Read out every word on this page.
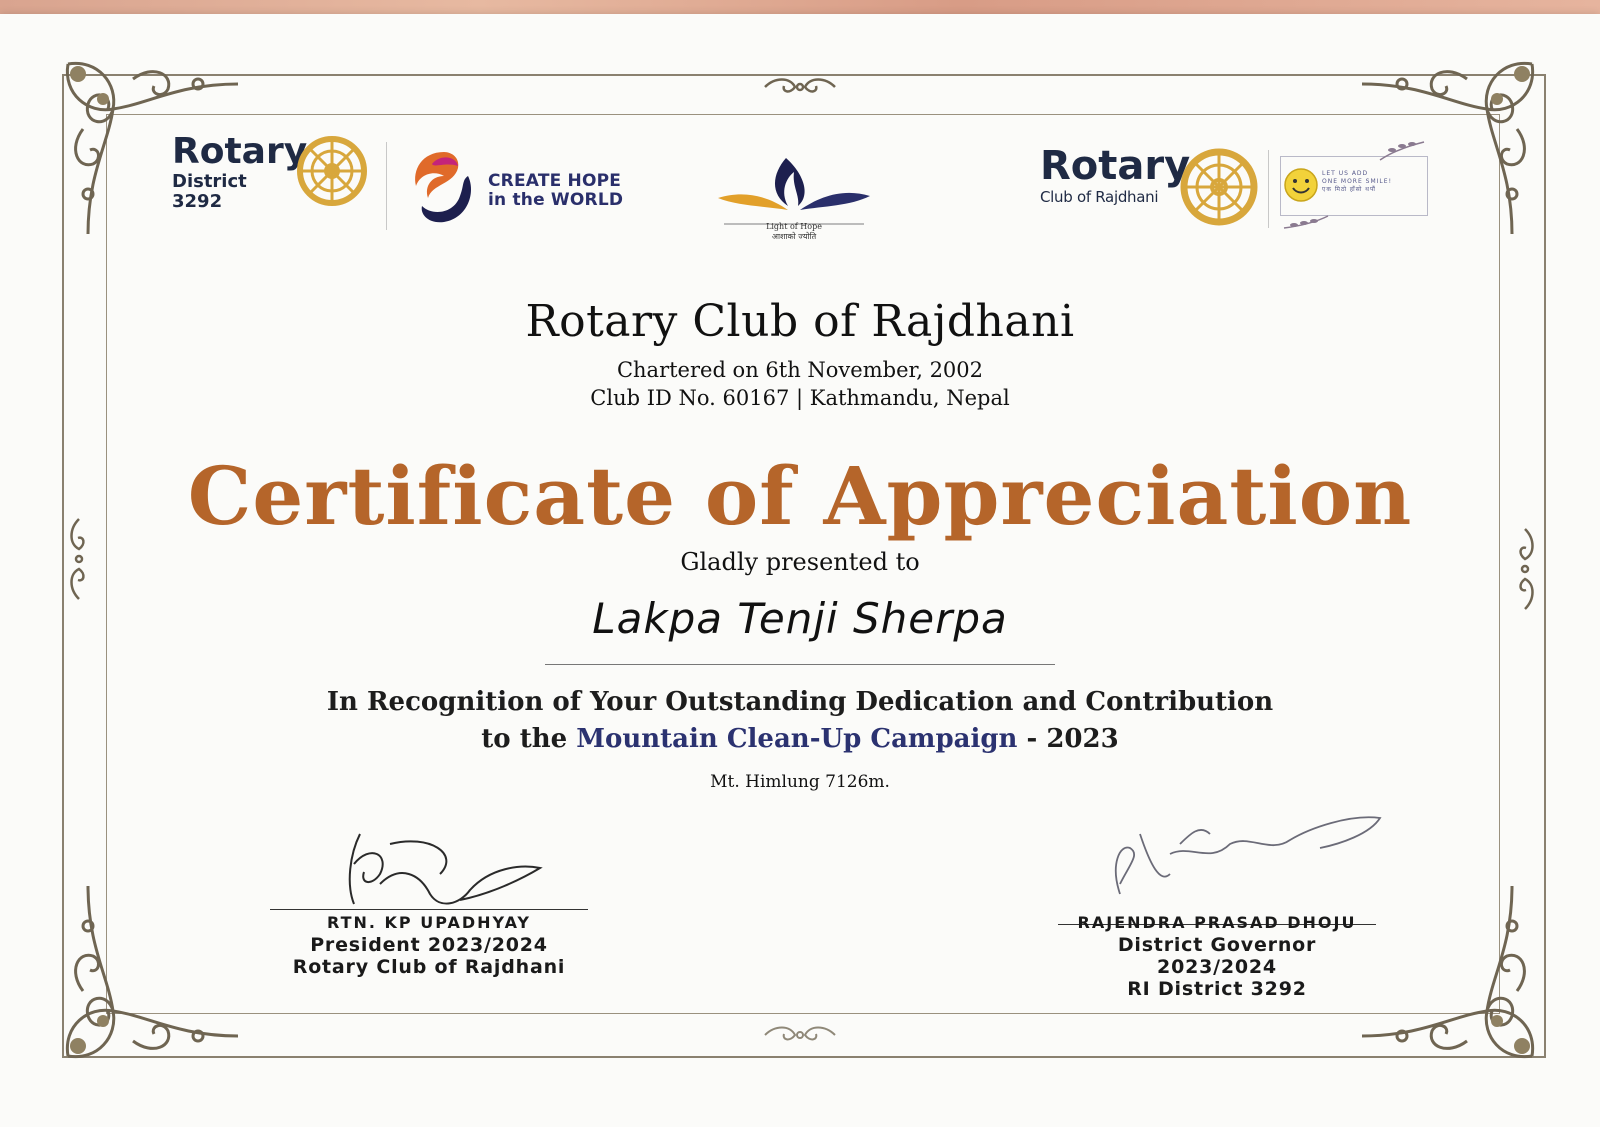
Rotary
District 3292
CREATE HOPE
in the WORLD
Light of Hope
आशाको ज्योति
Rotary
Club of Rajdhani
LET US ADD
ONE MORE SMILE!
एक मिठो हाँसो थपौं
Rotary Club of Rajdhani
Chartered on 6th November, 2002
Club ID No. 60167 | Kathmandu, Nepal
Certificate of Appreciation
Gladly presented to
Lakpa Tenji Sherpa
In Recognition of Your Outstanding Dedication and Contribution
to the Mountain Clean-Up Campaign - 2023
Mt. Himlung 7126m.
RTN. KP UPADHYAY
President 2023/2024
Rotary Club of Rajdhani
RAJENDRA PRASAD DHOJU
District Governor 2023/2024
RI District 3292
